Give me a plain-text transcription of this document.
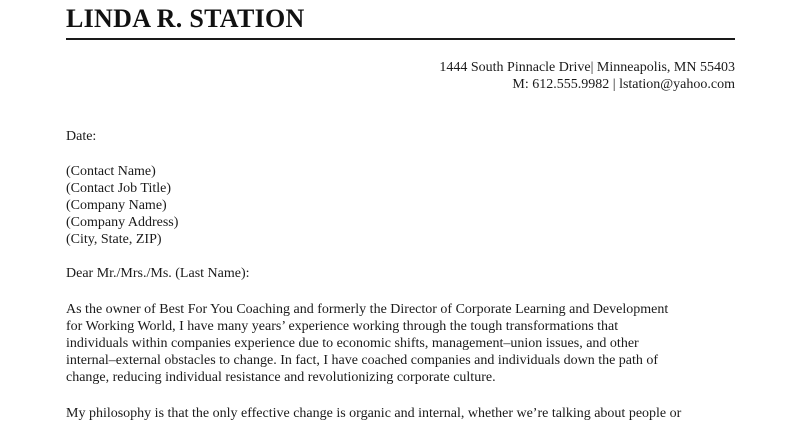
LINDA R. STATION
1444 South Pinnacle Drive| Minneapolis, MN 55403
M: 612.555.9982 | lstation@yahoo.com
Date:
(Contact Name)
(Contact Job Title)
(Company Name)
(Company Address)
(City, State, ZIP)
Dear Mr./Mrs./Ms. (Last Name):
As the owner of Best For You Coaching and formerly the Director of Corporate Learning and Development
for Working World, I have many years’ experience working through the tough transformations that
individuals within companies experience due to economic shifts, management–union issues, and other
internal–external obstacles to change. In fact, I have coached companies and individuals down the path of
change, reducing individual resistance and revolutionizing corporate culture.
My philosophy is that the only effective change is organic and internal, whether we’re talking about people or
